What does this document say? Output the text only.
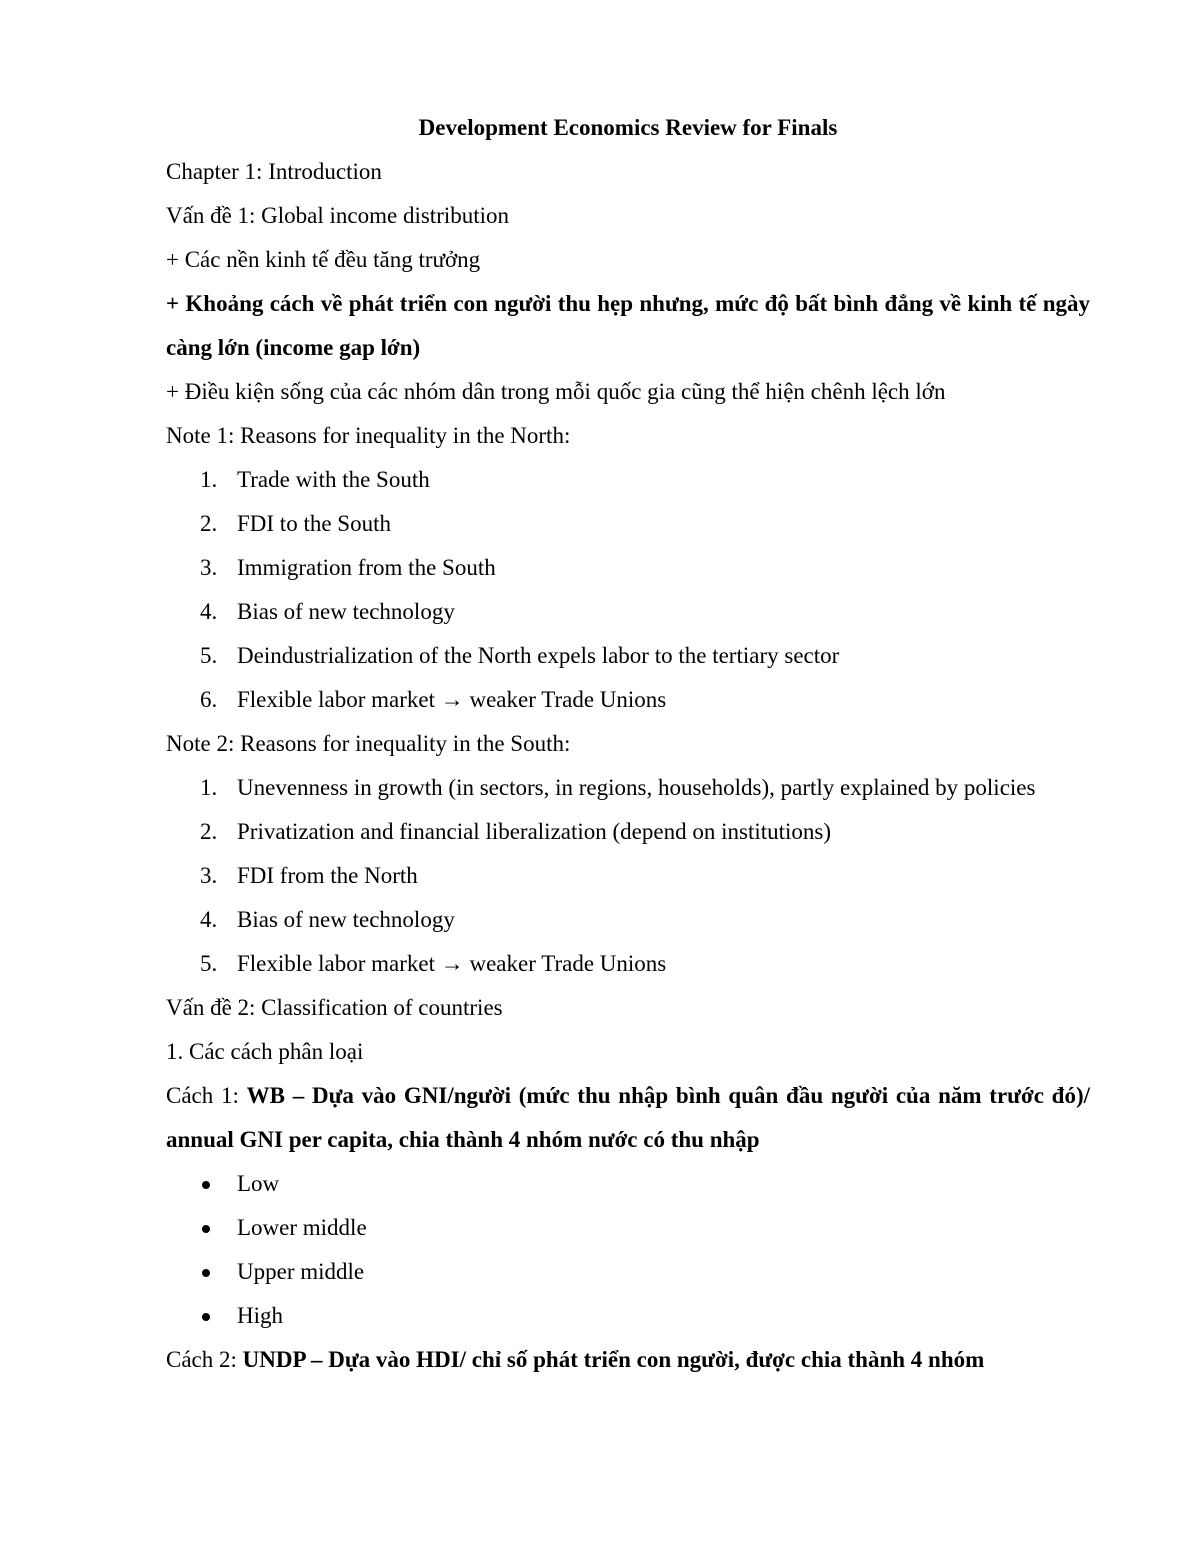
Development Economics Review for Finals

Chapter 1: Introduction

Vấn đề 1: Global income distribution

+ Các nền kinh tế đều tăng trưởng

+ Khoảng cách về phát triển con người thu hẹp nhưng, mức độ bất bình đẳng về kinh tế ngày càng lớn (income gap lớn)

+ Điều kiện sống của các nhóm dân trong mỗi quốc gia cũng thể hiện chênh lệch lớn

Note 1: Reasons for inequality in the North:

1. Trade with the South
2. FDI to the South
3. Immigration from the South
4. Bias of new technology
5. Deindustrialization of the North expels labor to the tertiary sector
6. Flexible labor market → weaker Trade Unions

Note 2: Reasons for inequality in the South:

1. Unevenness in growth (in sectors, in regions, households), partly explained by policies
2. Privatization and financial liberalization (depend on institutions)
3. FDI from the North
4. Bias of new technology
5. Flexible labor market → weaker Trade Unions

Vấn đề 2: Classification of countries

1. Các cách phân loại

Cách 1: WB – Dựa vào GNI/người (mức thu nhập bình quân đầu người của năm trước đó)/ annual GNI per capita, chia thành 4 nhóm nước có thu nhập

Low
Lower middle
Upper middle
High

Cách 2: UNDP – Dựa vào HDI/ chỉ số phát triển con người, được chia thành 4 nhóm
